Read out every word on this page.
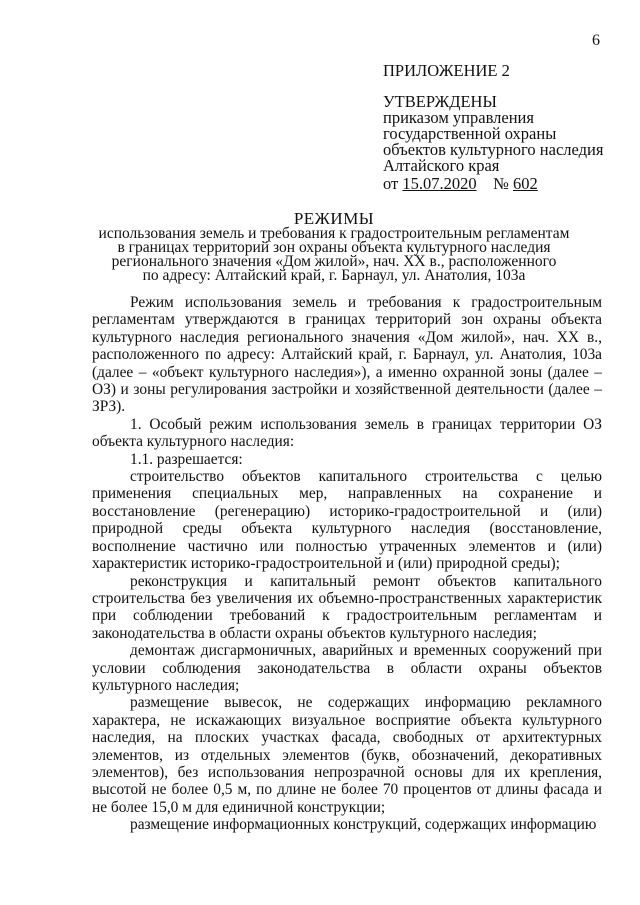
6
ПРИЛОЖЕНИЕ 2
УТВЕРЖДЕНЫ
приказом управления
государственной охраны
объектов культурного наследия
Алтайского края
от 15.07.2020 № 602
РЕЖИМЫ
использования земель и требования к градостроительным регламентам
в границах территорий зон охраны объекта культурного наследия
регионального значения «Дом жилой», нач. XX в., расположенного
по адресу: Алтайский край, г. Барнаул, ул. Анатолия, 103а

Режим использования земель и требования к градостроительным регламентам утверждаются в границах территорий зон охраны объекта культурного наследия регионального значения «Дом жилой», нач. XX в., расположенного по адресу: Алтайский край, г. Барнаул, ул. Анатолия, 103а (далее – «объект культурного наследия»), а именно охранной зоны (далее – ОЗ) и зоны регулирования застройки и хозяйственной деятельности (далее – ЗРЗ).

1. Особый режим использования земель в границах территории ОЗ объекта культурного наследия:

1.1. разрешается:

строительство объектов капитального строительства с целью применения специальных мер, направленных на сохранение и восстановление (регенерацию) историко-градостроительной и (или) природной среды объекта культурного наследия (восстановление, восполнение частично или полностью утраченных элементов и (или) характеристик историко-градостроительной и (или) природной среды);

реконструкция и капитальный ремонт объектов капитального строительства без увеличения их объемно-пространственных характеристик при соблюдении требований к градостроительным регламентам и законодательства в области охраны объектов культурного наследия;

демонтаж дисгармоничных, аварийных и временных сооружений при условии соблюдения законодательства в области охраны объектов культурного наследия;

размещение вывесок, не содержащих информацию рекламного характера, не искажающих визуальное восприятие объекта культурного наследия, на плоских участках фасада, свободных от архитектурных элементов, из отдельных элементов (букв, обозначений, декоративных элементов), без использования непрозрачной основы для их крепления, высотой не более 0,5 м, по длине не более 70 процентов от длины фасада и не более 15,0 м для единичной конструкции;

размещение информационных конструкций, содержащих информацию
